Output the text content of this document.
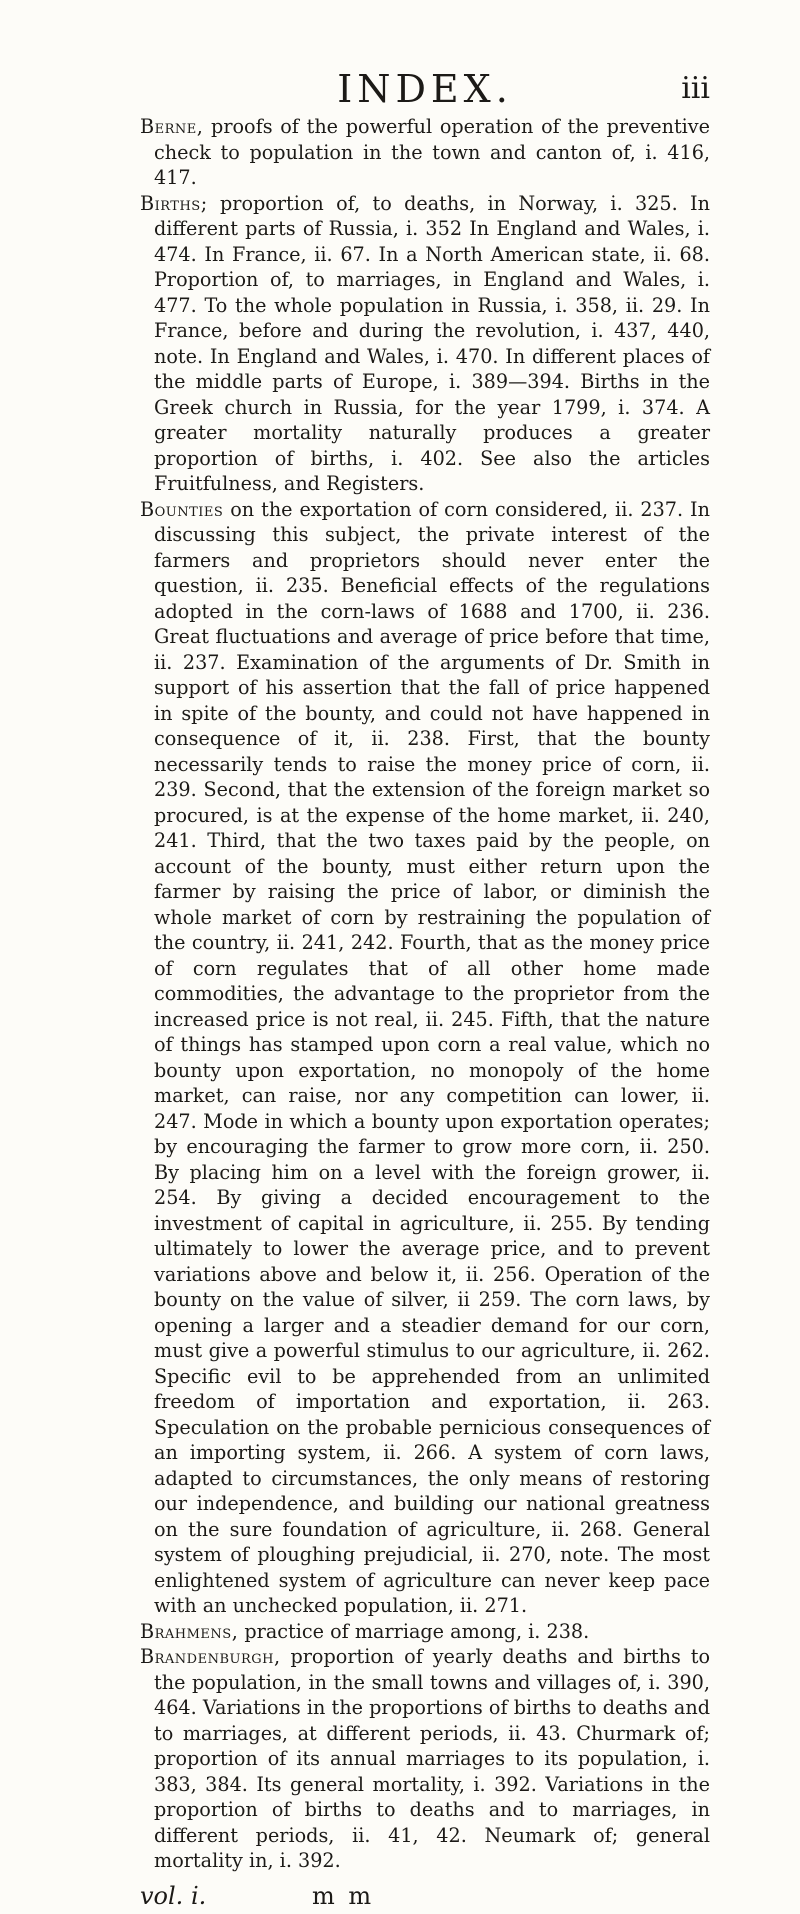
INDEX.	iii

Berne, proofs of the powerful operation of the preventive check to population in the town and canton of, i. 416, 417.

Births; proportion of, to deaths, in Norway, i. 325. In different parts of Russia, i. 352 In England and Wales, i. 474. In France, ii. 67. In a North American state, ii. 68. Proportion of, to marriages, in England and Wales, i. 477. To the whole population in Russia, i. 358, ii. 29. In France, before and during the revolution, i. 437, 440, note. In England and Wales, i. 470. In different places of the middle parts of Europe, i. 389—394. Births in the Greek church in Russia, for the year 1799, i. 374. A greater mortality naturally produces a greater proportion of births, i. 402. See also the articles Fruitfulness, and Registers.

Bounties on the exportation of corn considered, ii. 237. In discussing this subject, the private interest of the farmers and proprietors should never enter the question, ii. 235. Beneficial effects of the regulations adopted in the corn-laws of 1688 and 1700, ii. 236. Great fluctuations and average of price before that time, ii. 237. Examination of the arguments of Dr. Smith in support of his assertion that the fall of price happened in spite of the bounty, and could not have happened in consequence of it, ii. 238. First, that the bounty necessarily tends to raise the money price of corn, ii. 239. Second, that the extension of the foreign market so procured, is at the expense of the home market, ii. 240, 241. Third, that the two taxes paid by the people, on account of the bounty, must either return upon the farmer by raising the price of labor, or diminish the whole market of corn by restraining the population of the country, ii. 241, 242. Fourth, that as the money price of corn regulates that of all other home made commodities, the advantage to the proprietor from the increased price is not real, ii. 245. Fifth, that the nature of things has stamped upon corn a real value, which no bounty upon exportation, no monopoly of the home market, can raise, nor any competition can lower, ii. 247. Mode in which a bounty upon exportation operates; by encouraging the farmer to grow more corn, ii. 250. By placing him on a level with the foreign grower, ii. 254. By giving a decided encouragement to the investment of capital in agriculture, ii. 255. By tending ultimately to lower the average price, and to prevent variations above and below it, ii. 256. Operation of the bounty on the value of silver, ii 259. The corn laws, by opening a larger and a steadier demand for our corn, must give a powerful stimulus to our agriculture, ii. 262. Specific evil to be apprehended from an unlimited freedom of importation and exportation, ii. 263. Speculation on the probable pernicious consequences of an importing system, ii. 266. A system of corn laws, adapted to circumstances, the only means of restoring our independence, and building our national greatness on the sure foundation of agriculture, ii. 268. General system of ploughing prejudicial, ii. 270, note. The most enlightened system of agriculture can never keep pace with an unchecked population, ii. 271.

Brahmens, practice of marriage among, i. 238.

Brandenburgh, proportion of yearly deaths and births to the population, in the small towns and villages of, i. 390, 464. Variations in the proportions of births to deaths and to marriages, at different periods, ii. 43. Churmark of; proportion of its annual marriages to its population, i. 383, 384. Its general mortality, i. 392. Variations in the proportion of births to deaths and to marriages, in different periods, ii. 41, 42. Neumark of; general mortality in, i. 392.

vol. i.	m m
